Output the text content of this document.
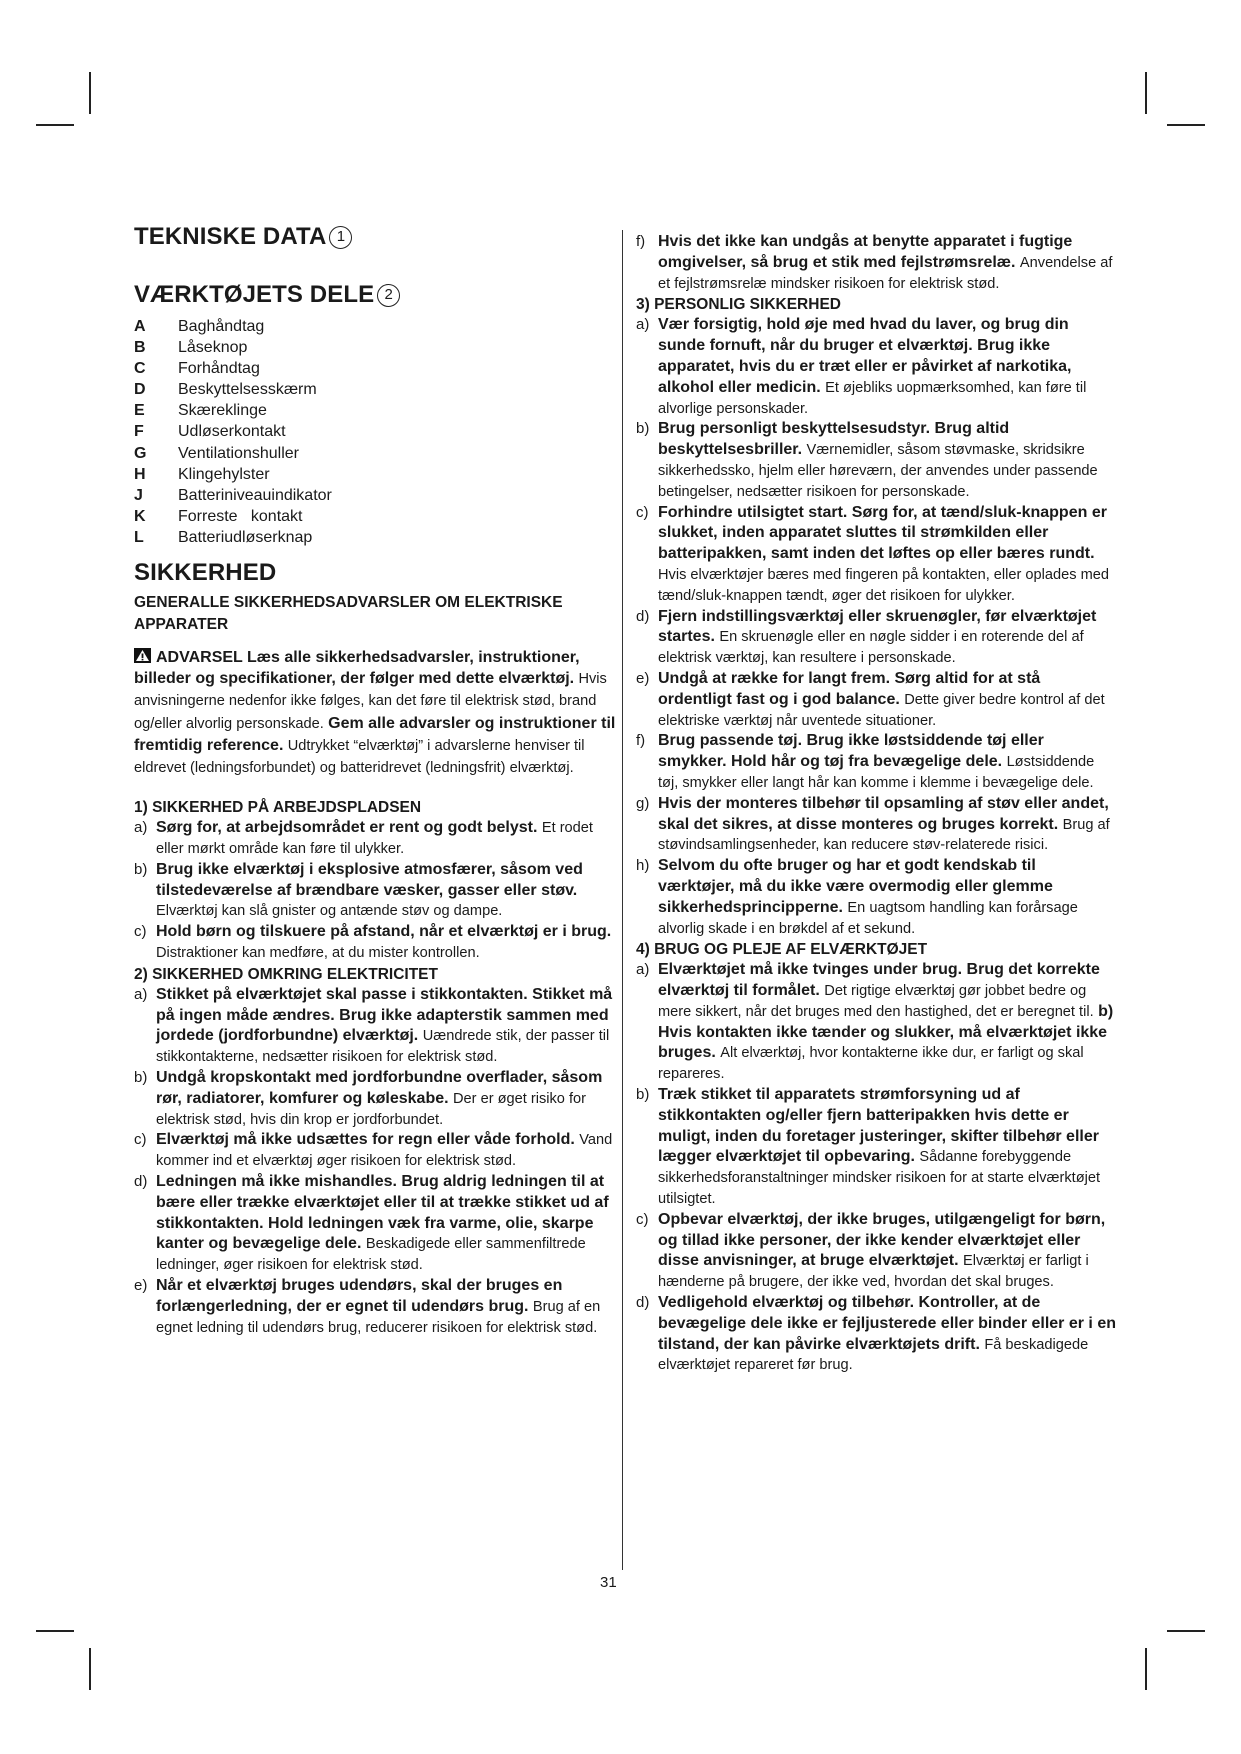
TEKNISKE DATA 1
VÆRKTØJETS DELE 2
A	Baghåndtag
B	Låseknop
C	Forhåndtag
D	Beskyttelsesskærm
E	Skæreklinge
F	Udløserkontakt
G	Ventilationshuller
H	Klingehylster
J	Batteriniveauindikator
K	Forreste   kontakt
L	Batteriudløserknap
SIKKERHED
GENERALLE SIKKERHEDSADVARSLER OM ELEKTRISKE APPARATER
ADVARSEL Læs alle sikkerhedsadvarsler, instruktioner, billeder og specifikationer, der følger med dette elværktøj. Hvis anvisningerne nedenfor ikke følges, kan det føre til elektrisk stød, brand og/eller alvorlig personskade. Gem alle advarsler og instruktioner til fremtidig reference. Udtrykket “elværktøj” i advarslerne henviser til eldrevet (ledningsforbundet) og batteridrevet (ledningsfrit) elværktøj.
1) SIKKERHED PÅ ARBEJDSPLADSEN
a) Sørg for, at arbejdsområdet er rent og godt belyst. Et rodet eller mørkt område kan føre til ulykker.
b) Brug ikke elværktøj i eksplosive atmosfærer, såsom ved tilstedeværelse af brændbare væsker, gasser eller støv. Elværktøj kan slå gnister og antænde støv og dampe.
c) Hold børn og tilskuere på afstand, når et elværktøj er i brug. Distraktioner kan medføre, at du mister kontrollen.
2) SIKKERHED OMKRING ELEKTRICITET
a) Stikket på elværktøjet skal passe i stikkontakten. Stikket må på ingen måde ændres. Brug ikke adapterstik sammen med jordede (jordforbundne) elværktøj. Uændrede stik, der passer til stikkontakterne, nedsætter risikoen for elektrisk stød.
b) Undgå kropskontakt med jordforbundne overflader, såsom rør, radiatorer, komfurer og køleskabe. Der er øget risiko for elektrisk stød, hvis din krop er jordforbundet.
c) Elværktøj må ikke udsættes for regn eller våde forhold. Vand kommer ind et elværktøj øger risikoen for elektrisk stød.
d) Ledningen må ikke mishandles. Brug aldrig ledningen til at bære eller trække elværktøjet eller til at trække stikket ud af stikkontakten. Hold ledningen væk fra varme, olie, skarpe kanter og bevægelige dele. Beskadigede eller sammenfiltrede ledninger, øger risikoen for elektrisk stød.
e) Når et elværktøj bruges udendørs, skal der bruges en forlængerledning, der er egnet til udendørs brug. Brug af en egnet ledning til udendørs brug, reducerer risikoen for elektrisk stød.
f) Hvis det ikke kan undgås at benytte apparatet i fugtige omgivelser, så brug et stik med fejlstrømsrelæ. Anvendelse af et fejlstrømsrelæ mindsker risikoen for elektrisk stød.
3) PERSONLIG SIKKERHED
a) Vær forsigtig, hold øje med hvad du laver, og brug din sunde fornuft, når du bruger et elværktøj. Brug ikke apparatet, hvis du er træt eller er påvirket af narkotika, alkohol eller medicin. Et øjebliks uopmærksomhed, kan føre til alvorlige personskader.
b) Brug personligt beskyttelsesudstyr. Brug altid beskyttelsesbriller. Værnemidler, såsom støvmaske, skridsikre sikkerhedssko, hjelm eller høreværn, der anvendes under passende betingelser, nedsætter risikoen for personskade.
c) Forhindre utilsigtet start. Sørg for, at tænd/sluk-knappen er slukket, inden apparatet sluttes til strømkilden eller batteripakken, samt inden det løftes op eller bæres rundt. Hvis elværktøjer bæres med fingeren på kontakten, eller oplades med tænd/sluk-knappen tændt, øger det risikoen for ulykker.
d) Fjern indstillingsværktøj eller skruenøgler, før elværktøjet startes. En skruenøgle eller en nøgle sidder i en roterende del af elektrisk værktøj, kan resultere i personskade.
e) Undgå at række for langt frem. Sørg altid for at stå ordentligt fast og i god balance. Dette giver bedre kontrol af det elektriske værktøj når uventede situationer.
f) Brug passende tøj. Brug ikke løstsiddende tøj eller smykker. Hold hår og tøj fra bevægelige dele. Løstsiddende tøj, smykker eller langt hår kan komme i klemme i bevægelige dele.
g) Hvis der monteres tilbehør til opsamling af støv eller andet, skal det sikres, at disse monteres og bruges korrekt. Brug af støvindsamlingsenheder, kan reducere støv-relaterede risici.
h) Selvom du ofte bruger og har et godt kendskab til værktøjer, må du ikke være overmodig eller glemme sikkerhedsprincipperne. En uagtsom handling kan forårsage alvorlig skade i en brøkdel af et sekund.
4) BRUG OG PLEJE AF ELVÆRKTØJET
a) Elværktøjet må ikke tvinges under brug. Brug det korrekte elværktøj til formålet. Det rigtige elværktøj gør jobbet bedre og mere sikkert, når det bruges med den hastighed, det er beregnet til. b) Hvis kontakten ikke tænder og slukker, må elværktøjet ikke bruges. Alt elværktøj, hvor kontakterne ikke dur, er farligt og skal repareres.
b) Træk stikket til apparatets strømforsyning ud af stikkontakten og/eller fjern batteripakken hvis dette er muligt, inden du foretager justeringer, skifter tilbehør eller lægger elværktøjet til opbevaring. Sådanne forebyggende sikkerhedsforanstaltninger mindsker risikoen for at starte elværktøjet utilsigtet.
c) Opbevar elværktøj, der ikke bruges, utilgængeligt for børn, og tillad ikke personer, der ikke kender elværktøjet eller disse anvisninger, at bruge elværktøjet. Elværktøj er farligt i hænderne på brugere, der ikke ved, hvordan det skal bruges.
d) Vedligehold elværktøj og tilbehør. Kontroller, at de bevægelige dele ikke er fejljusterede eller binder eller er i en tilstand, der kan påvirke elværktøjets drift. Få beskadigede elværktøjet repareret før brug.
31
